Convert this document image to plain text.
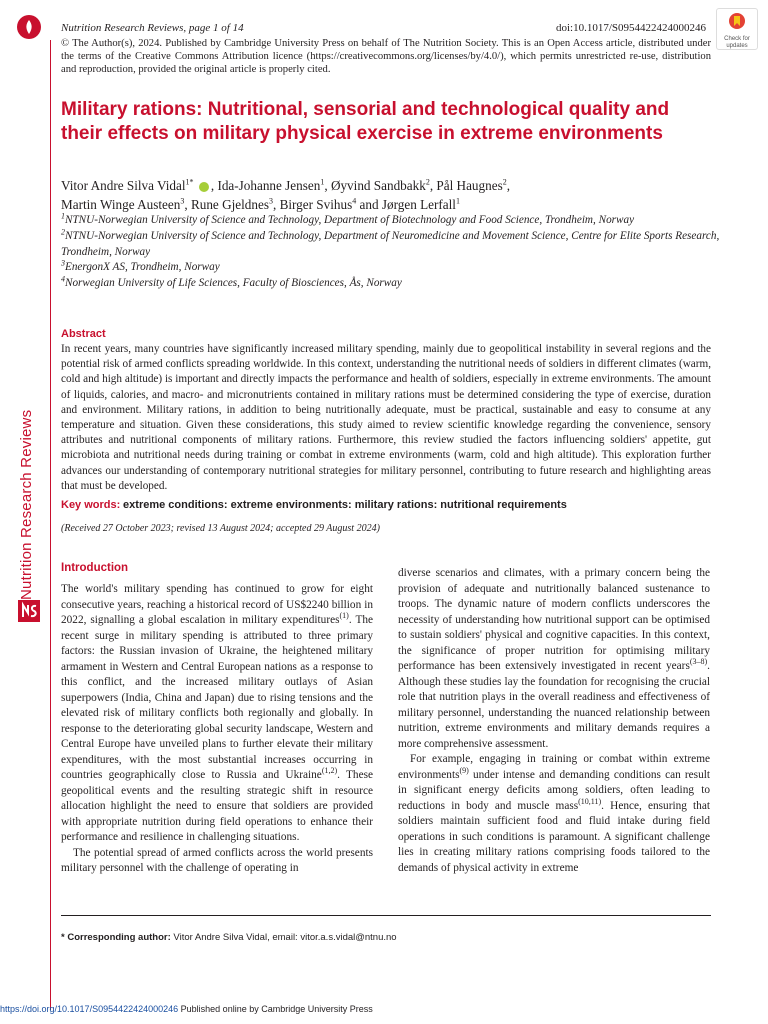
Nutrition Research Reviews
Nutrition Research Reviews, page 1 of 14	doi:10.1017/S0954422424000246
© The Author(s), 2024. Published by Cambridge University Press on behalf of The Nutrition Society. This is an Open Access article, distributed under the terms of the Creative Commons Attribution licence (https://creativecommons.org/licenses/by/4.0/), which permits unrestricted re-use, distribution and reproduction, provided the original article is properly cited.
Check for updates
Military rations: Nutritional, sensorial and technological quality and their effects on military physical exercise in extreme environments
Vitor Andre Silva Vidal$^{1*}$ , Ida-Johanne Jensen$^1$, Øyvind Sandbakk$^2$, Pål Haugnes$^2$,
Martin Winge Austeen$^3$, Rune Gjeldnes$^3$, Birger Svihus$^4$ and Jørgen Lerfall$^1$
$^1$NTNU-Norwegian University of Science and Technology, Department of Biotechnology and Food Science, Trondheim, Norway
$^2$NTNU-Norwegian University of Science and Technology, Department of Neuromedicine and Movement Science, Centre for Elite Sports Research, Trondheim, Norway
$^3$EnergonX AS, Trondheim, Norway
$^4$Norwegian University of Life Sciences, Faculty of Biosciences, Ås, Norway
Abstract
In recent years, many countries have significantly increased military spending, mainly due to geopolitical instability in several regions and the potential risk of armed conflicts spreading worldwide. In this context, understanding the nutritional needs of soldiers in different climates (warm, cold and high altitude) is important and directly impacts the performance and health of soldiers, especially in extreme environments. The amount of liquids, calories, and macro- and micronutrients contained in military rations must be determined considering the type of exercise, duration and environment. Military rations, in addition to being nutritionally adequate, must be practical, sustainable and easy to consume at any temperature and situation. Given these considerations, this study aimed to review scientific knowledge regarding the convenience, sensory attributes and nutritional components of military rations. Furthermore, this review studied the factors influencing soldiers' appetite, gut microbiota and nutritional needs during training or combat in extreme environments (warm, cold and high altitude). This exploration further advances our understanding of contemporary nutritional strategies for military personnel, contributing to future research and highlighting areas that must be developed.
Key words: extreme conditions: extreme environments: military rations: nutritional requirements
(Received 27 October 2023; revised 13 August 2024; accepted 29 August 2024)
Introduction

The world's military spending has continued to grow for eight consecutive years, reaching a historical record of US$2240 billion in 2022, signalling a global escalation in military expenditures$^{(1)}$. The recent surge in military spending is attributed to three primary factors: the Russian invasion of Ukraine, the heightened military armament in Western and Central European nations as a response to this conflict, and the increased military outlays of Asian superpowers (India, China and Japan) due to rising tensions and the elevated risk of military conflicts both regionally and globally. In response to the deteriorating global security landscape, Western and Central Europe have unveiled plans to further elevate their military expenditures, with the most substantial increases occurring in countries geographically close to Russia and Ukraine$^{(1,2)}$. These geopolitical events and the resulting strategic shift in resource allocation highlight the need to ensure that soldiers are provided with appropriate nutrition during field operations to enhance their performance and resilience in challenging situations.

The potential spread of armed conflicts across the world presents military personnel with the challenge of operating in

diverse scenarios and climates, with a primary concern being the provision of adequate and nutritionally balanced sustenance to troops. The dynamic nature of modern conflicts underscores the necessity of understanding how nutritional support can be optimised to sustain soldiers' physical and cognitive capacities. In this context, the significance of proper nutrition for optimising military performance has been extensively investigated in recent years$^{(3-8)}$. Although these studies lay the foundation for recognising the crucial role that nutrition plays in the overall readiness and effectiveness of military personnel, understanding the nuanced relationship between nutrition, extreme environments and military demands requires a more comprehensive assessment.

For example, engaging in training or combat within extreme environments$^{(9)}$ under intense and demanding conditions can result in significant energy deficits among soldiers, often leading to reductions in body and muscle mass$^{(10,11)}$. Hence, ensuring that soldiers maintain sufficient food and fluid intake during field operations in such conditions is paramount. A significant challenge lies in creating military rations comprising foods tailored to the demands of physical activity in extreme

* Corresponding author: Vitor Andre Silva Vidal, email: vitor.a.s.vidal@ntnu.no
https://doi.org/10.1017/S0954422424000246 Published online by Cambridge University Press
